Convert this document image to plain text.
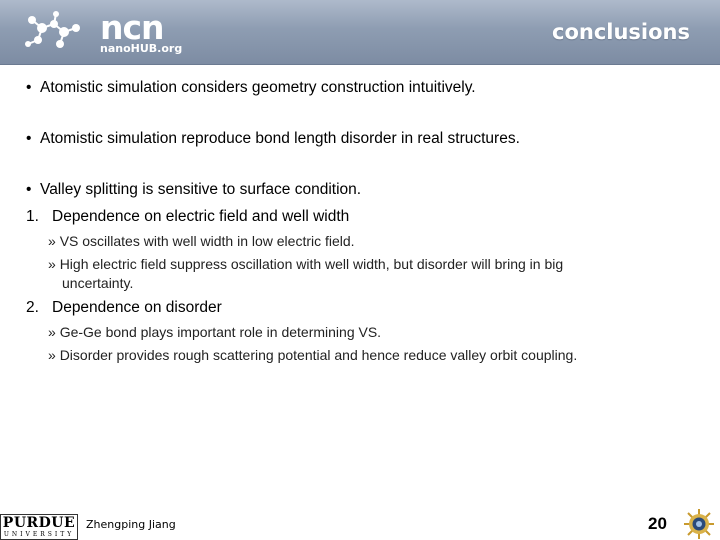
ncn
nanoHUB.org
conclusions
• Atomistic simulation considers geometry construction intuitively.
• Atomistic simulation reproduce bond length disorder in real structures.
• Valley splitting is sensitive to surface condition.
1. Dependence on electric field and well width
» VS oscillates with well width in low electric field.
» High electric field suppress oscillation with well width, but disorder will bring in big
uncertainty.
2. Dependence on disorder
» Ge-Ge bond plays important role in determining VS.
» Disorder provides rough scattering potential and hence reduce valley orbit coupling.
PURDUE
UNIVERSITY
Zhengping Jiang	20
